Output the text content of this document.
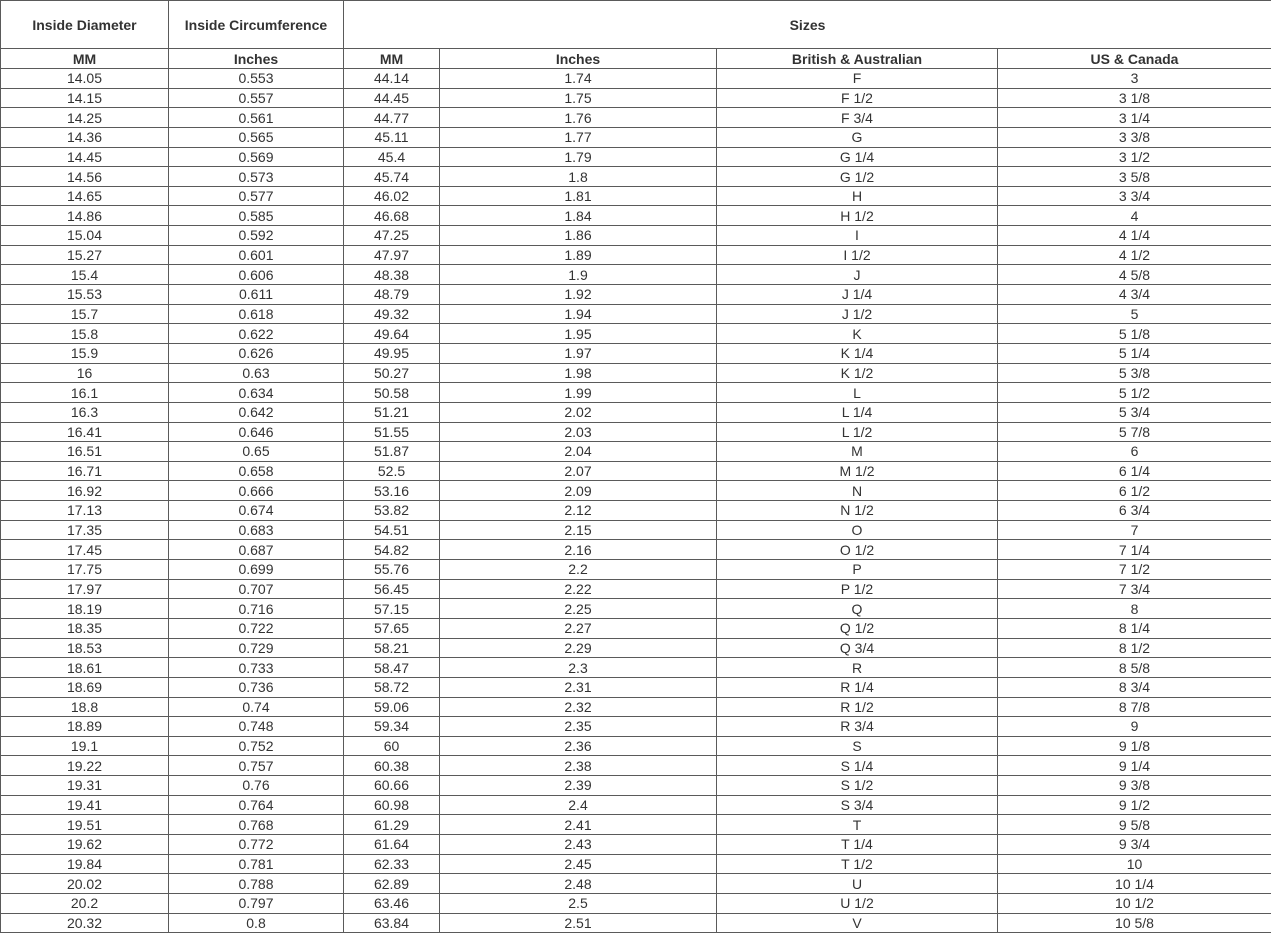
Inside Diameter	Inside Circumference	Sizes			
MM	Inches	MM	Inches	British & Australian	US & Canada
14.05	0.553	44.14	1.74	F	3
14.15	0.557	44.45	1.75	F 1/2	3 1/8
14.25	0.561	44.77	1.76	F 3/4	3 1/4
14.36	0.565	45.11	1.77	G	3 3/8
14.45	0.569	45.4	1.79	G 1/4	3 1/2
14.56	0.573	45.74	1.8	G 1/2	3 5/8
14.65	0.577	46.02	1.81	H	3 3/4
14.86	0.585	46.68	1.84	H 1/2	4
15.04	0.592	47.25	1.86	I	4 1/4
15.27	0.601	47.97	1.89	I 1/2	4 1/2
15.4	0.606	48.38	1.9	J	4 5/8
15.53	0.611	48.79	1.92	J 1/4	4 3/4
15.7	0.618	49.32	1.94	J 1/2	5
15.8	0.622	49.64	1.95	K	5 1/8
15.9	0.626	49.95	1.97	K 1/4	5 1/4
16	0.63	50.27	1.98	K 1/2	5 3/8
16.1	0.634	50.58	1.99	L	5 1/2
16.3	0.642	51.21	2.02	L 1/4	5 3/4
16.41	0.646	51.55	2.03	L 1/2	5 7/8
16.51	0.65	51.87	2.04	M	6
16.71	0.658	52.5	2.07	M 1/2	6 1/4
16.92	0.666	53.16	2.09	N	6 1/2
17.13	0.674	53.82	2.12	N 1/2	6 3/4
17.35	0.683	54.51	2.15	O	7
17.45	0.687	54.82	2.16	O 1/2	7 1/4
17.75	0.699	55.76	2.2	P	7 1/2
17.97	0.707	56.45	2.22	P 1/2	7 3/4
18.19	0.716	57.15	2.25	Q	8
18.35	0.722	57.65	2.27	Q 1/2	8 1/4
18.53	0.729	58.21	2.29	Q 3/4	8 1/2
18.61	0.733	58.47	2.3	R	8 5/8
18.69	0.736	58.72	2.31	R 1/4	8 3/4
18.8	0.74	59.06	2.32	R 1/2	8 7/8
18.89	0.748	59.34	2.35	R 3/4	9
19.1	0.752	60	2.36	S	9 1/8
19.22	0.757	60.38	2.38	S 1/4	9 1/4
19.31	0.76	60.66	2.39	S 1/2	9 3/8
19.41	0.764	60.98	2.4	S 3/4	9 1/2
19.51	0.768	61.29	2.41	T	9 5/8
19.62	0.772	61.64	2.43	T 1/4	9 3/4
19.84	0.781	62.33	2.45	T 1/2	10
20.02	0.788	62.89	2.48	U	10 1/4
20.2	0.797	63.46	2.5	U 1/2	10 1/2
20.32	0.8	63.84	2.51	V	10 5/8
